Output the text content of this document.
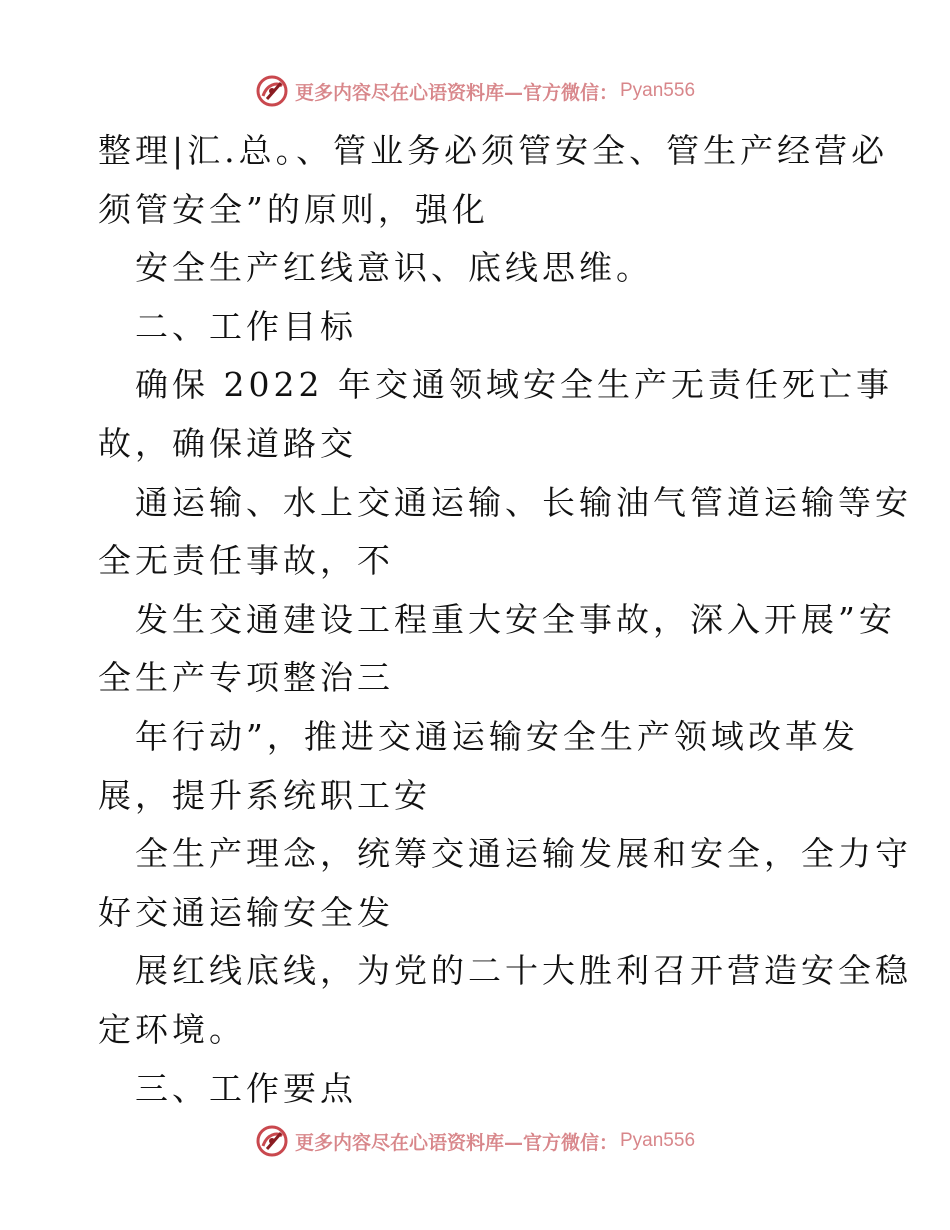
更多内容尽在心语资料库—官方微信： Pyan556
整理|汇.总。、管业务必须管安全、管生产经营必
须管安全”的原则，强化
安全生产红线意识、底线思维。
二、工作目标
确保 2022 年交通领域安全生产无责任死亡事
故，确保道路交
通运输、水上交通运输、长输油气管道运输等安
全无责任事故，不
发生交通建设工程重大安全事故，深入开展”安
全生产专项整治三
年行动”，推进交通运输安全生产领域改革发
展，提升系统职工安
全生产理念，统筹交通运输发展和安全，全力守
好交通运输安全发
展红线底线，为党的二十大胜利召开营造安全稳
定环境。
三、工作要点
更多内容尽在心语资料库—官方微信： Pyan556
